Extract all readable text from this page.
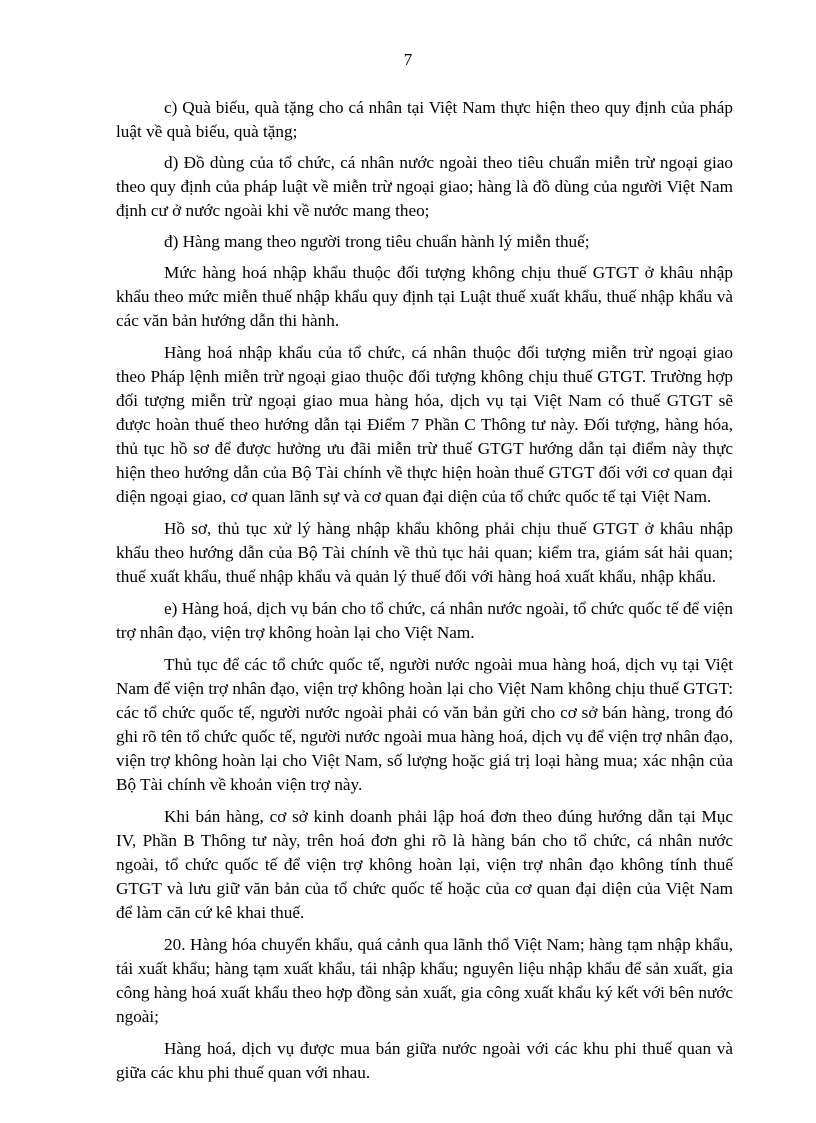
7

c) Quà biếu, quà tặng cho cá nhân tại Việt Nam thực hiện theo quy định của pháp luật về quà biếu, quà tặng;

d) Đồ dùng của tổ chức, cá nhân nước ngoài theo tiêu chuẩn miễn trừ ngoại giao theo quy định của pháp luật về miễn trừ ngoại giao; hàng là đồ dùng của người Việt Nam định cư ở nước ngoài khi về nước mang theo;

đ) Hàng mang theo người trong tiêu chuẩn hành lý miễn thuế;

Mức hàng hoá nhập khẩu thuộc đối tượng không chịu thuế GTGT ở khâu nhập khẩu theo mức miễn thuế nhập khẩu quy định tại Luật thuế xuất khẩu, thuế nhập khẩu và các văn bản hướng dẫn thi hành.

Hàng hoá nhập khẩu của tổ chức, cá nhân thuộc đối tượng miễn trừ ngoại giao theo Pháp lệnh miễn trừ ngoại giao thuộc đối tượng không chịu thuế GTGT. Trường hợp đối tượng miễn trừ ngoại giao mua hàng hóa, dịch vụ tại Việt Nam có thuế GTGT sẽ được hoàn thuế theo hướng dẫn tại Điểm 7 Phần C Thông tư này. Đối tượng, hàng hóa, thủ tục hồ sơ để được hưởng ưu đãi miễn trừ thuế GTGT hướng dẫn tại điểm này thực hiện theo hướng dẫn của Bộ Tài chính về thực hiện hoàn thuế GTGT đối với cơ quan đại diện ngoại giao, cơ quan lãnh sự và cơ quan đại diện của tổ chức quốc tế tại Việt Nam.

Hồ sơ, thủ tục xử lý hàng nhập khẩu không phải chịu thuế GTGT ở khâu nhập khẩu theo hướng dẫn của Bộ Tài chính về thủ tục hải quan; kiểm tra, giám sát hải quan; thuế xuất khẩu, thuế nhập khẩu và quản lý thuế đối với hàng hoá xuất khẩu, nhập khẩu.

e) Hàng hoá, dịch vụ bán cho tổ chức, cá nhân nước ngoài, tổ chức quốc tế để viện trợ nhân đạo, viện trợ không hoàn lại cho Việt Nam.

Thủ tục để các tổ chức quốc tế, người nước ngoài mua hàng hoá, dịch vụ tại Việt Nam để viện trợ nhân đạo, viện trợ không hoàn lại cho Việt Nam không chịu thuế GTGT: các tổ chức quốc tế, người nước ngoài phải có văn bản gửi cho cơ sở bán hàng, trong đó ghi rõ tên tổ chức quốc tế, người nước ngoài mua hàng hoá, dịch vụ để viện trợ nhân đạo, viện trợ không hoàn lại cho Việt Nam, số lượng hoặc giá trị loại hàng mua; xác nhận của Bộ Tài chính về khoản viện trợ này.

Khi bán hàng, cơ sở kinh doanh phải lập hoá đơn theo đúng hướng dẫn tại Mục IV, Phần B Thông tư này, trên hoá đơn ghi rõ là hàng bán cho tổ chức, cá nhân nước ngoài, tổ chức quốc tế để viện trợ không hoàn lại, viện trợ nhân đạo không tính thuế GTGT và lưu giữ văn bản của tổ chức quốc tế hoặc của cơ quan đại diện của Việt Nam để làm căn cứ kê khai thuế.

20. Hàng hóa chuyển khẩu, quá cảnh qua lãnh thổ Việt Nam; hàng tạm nhập khẩu, tái xuất khẩu; hàng tạm xuất khẩu, tái nhập khẩu; nguyên liệu nhập khẩu để sản xuất, gia công hàng hoá xuất khẩu theo hợp đồng sản xuất, gia công xuất khẩu ký kết với bên nước ngoài;

Hàng hoá, dịch vụ được mua bán giữa nước ngoài với các khu phi thuế quan và giữa các khu phi thuế quan với nhau.
